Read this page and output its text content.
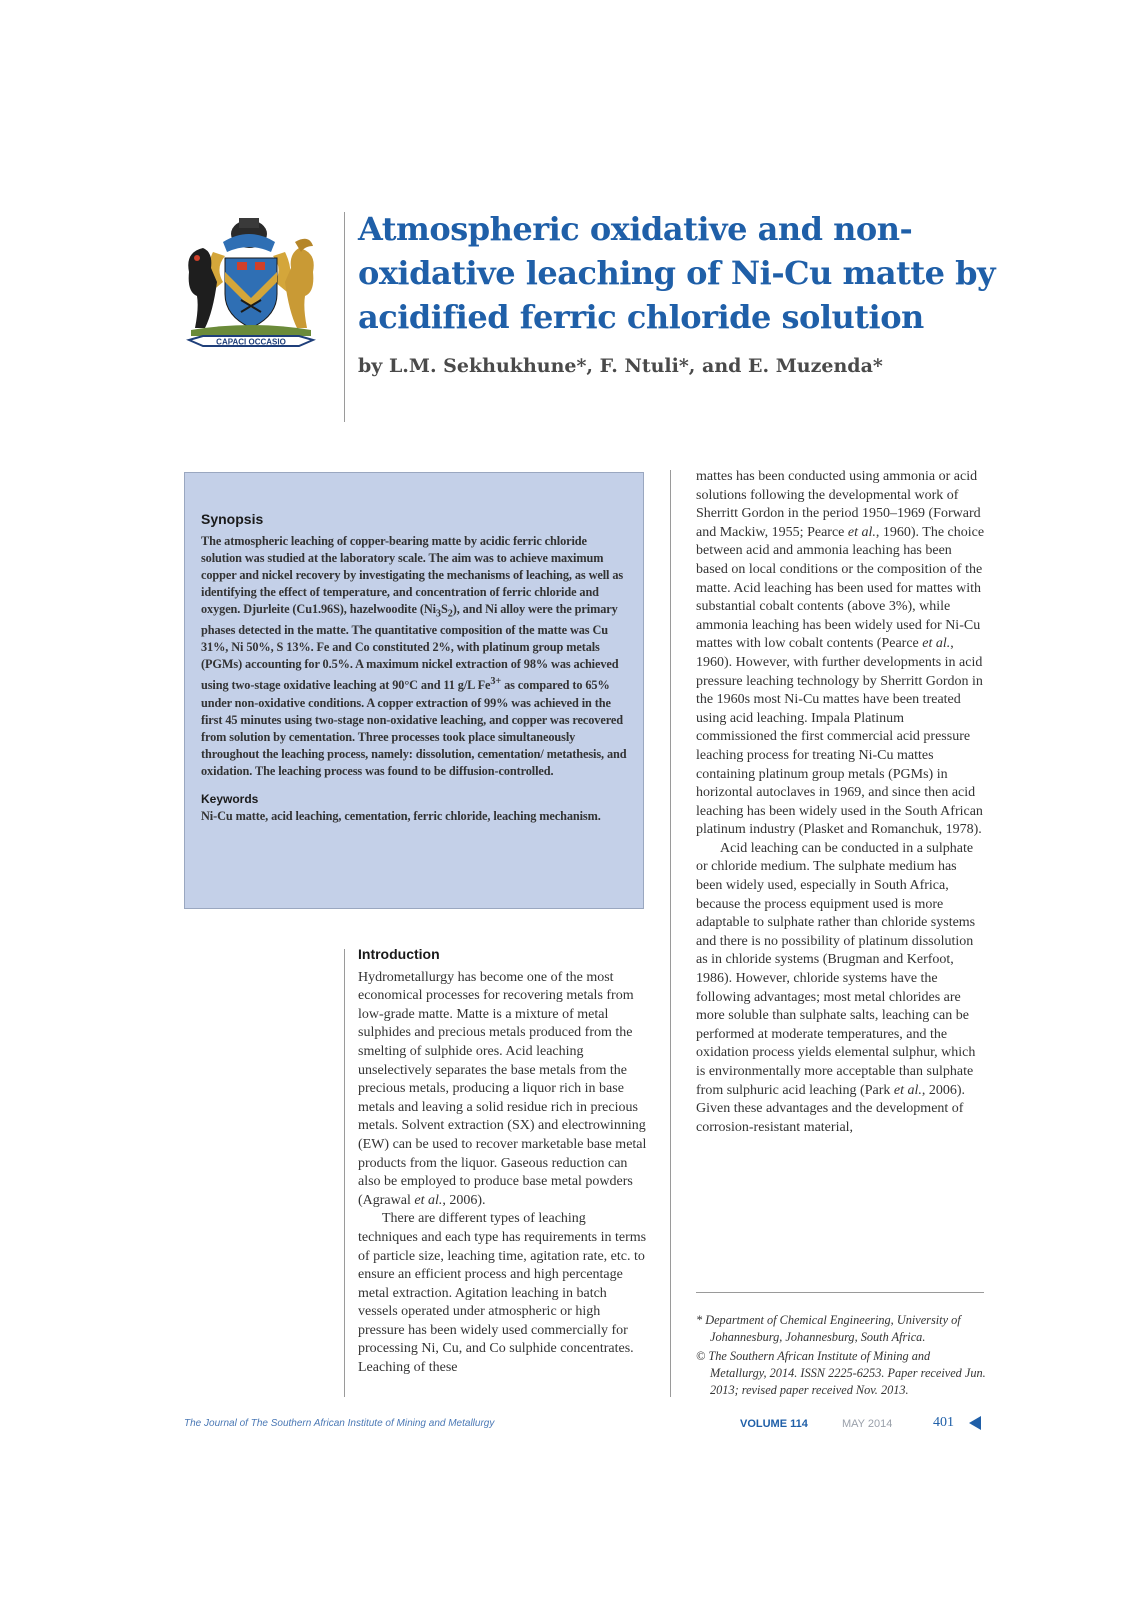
CAPACI OCCASIO
Atmospheric oxidative and non-oxidative leaching of Ni-Cu matte by acidified ferric chloride solution

by L.M. Sekhukhune*, F. Ntuli*, and E. Muzenda*

Synopsis

The atmospheric leaching of copper-bearing matte by acidic ferric chloride solution was studied at the laboratory scale. The aim was to achieve maximum copper and nickel recovery by investigating the mechanisms of leaching, as well as identifying the effect of temperature, and concentration of ferric chloride and oxygen. Djurleite (Cu1.96S), hazelwoodite $(Ni_3S_2)$, and Ni alloy were the primary phases detected in the matte. The quantitative composition of the matte was Cu 31%, Ni 50%, S 13%. Fe and Co constituted 2%, with platinum group metals (PGMs) accounting for 0.5%. A maximum nickel extraction of 98% was achieved using two-stage oxidative leaching at 90°C and 11 g/L $Fe^{3+}$ as compared to 65% under non-oxidative conditions. A copper extraction of 99% was achieved in the first 45 minutes using two-stage non-oxidative leaching, and copper was recovered from solution by cementation. Three processes took place simultaneously throughout the leaching process, namely: dissolution, cementation/ metathesis, and oxidation. The leaching process was found to be diffusion-controlled.

Keywords

Ni-Cu matte, acid leaching, cementation, ferric chloride, leaching mechanism.

Introduction

Hydrometallurgy has become one of the most economical processes for recovering metals from low-grade matte. Matte is a mixture of metal sulphides and precious metals produced from the smelting of sulphide ores. Acid leaching unselectively separates the base metals from the precious metals, producing a liquor rich in base metals and leaving a solid residue rich in precious metals. Solvent extraction (SX) and electrowinning (EW) can be used to recover marketable base metal products from the liquor. Gaseous reduction can also be employed to produce base metal powders (Agrawal et al., 2006).

There are different types of leaching techniques and each type has requirements in terms of particle size, leaching time, agitation rate, etc. to ensure an efficient process and high percentage metal extraction. Agitation leaching in batch vessels operated under atmospheric or high pressure has been widely used commercially for processing Ni, Cu, and Co sulphide concentrates. Leaching of these

mattes has been conducted using ammonia or acid solutions following the developmental work of Sherritt Gordon in the period 1950–1969 (Forward and Mackiw, 1955; Pearce et al., 1960). The choice between acid and ammonia leaching has been based on local conditions or the composition of the matte. Acid leaching has been used for mattes with substantial cobalt contents (above 3%), while ammonia leaching has been widely used for Ni-Cu mattes with low cobalt contents (Pearce et al., 1960). However, with further developments in acid pressure leaching technology by Sherritt Gordon in the 1960s most Ni-Cu mattes have been treated using acid leaching. Impala Platinum commissioned the first commercial acid pressure leaching process for treating Ni-Cu mattes containing platinum group metals (PGMs) in horizontal autoclaves in 1969, and since then acid leaching has been widely used in the South African platinum industry (Plasket and Romanchuk, 1978).

Acid leaching can be conducted in a sulphate or chloride medium. The sulphate medium has been widely used, especially in South Africa, because the process equipment used is more adaptable to sulphate rather than chloride systems and there is no possibility of platinum dissolution as in chloride systems (Brugman and Kerfoot, 1986). However, chloride systems have the following advantages; most metal chlorides are more soluble than sulphate salts, leaching can be performed at moderate temperatures, and the oxidation process yields elemental sulphur, which is environmentally more acceptable than sulphate from sulphuric acid leaching (Park et al., 2006). Given these advantages and the development of corrosion-resistant material,

* Department of Chemical Engineering, University of Johannesburg, Johannesburg, South Africa.

© The Southern African Institute of Mining and Metallurgy, 2014. ISSN 2225-6253. Paper received Jun. 2013; revised paper received Nov. 2013.

The Journal of The Southern African Institute of Mining and Metallurgy	VOLUME 114	MAY 2014	401
